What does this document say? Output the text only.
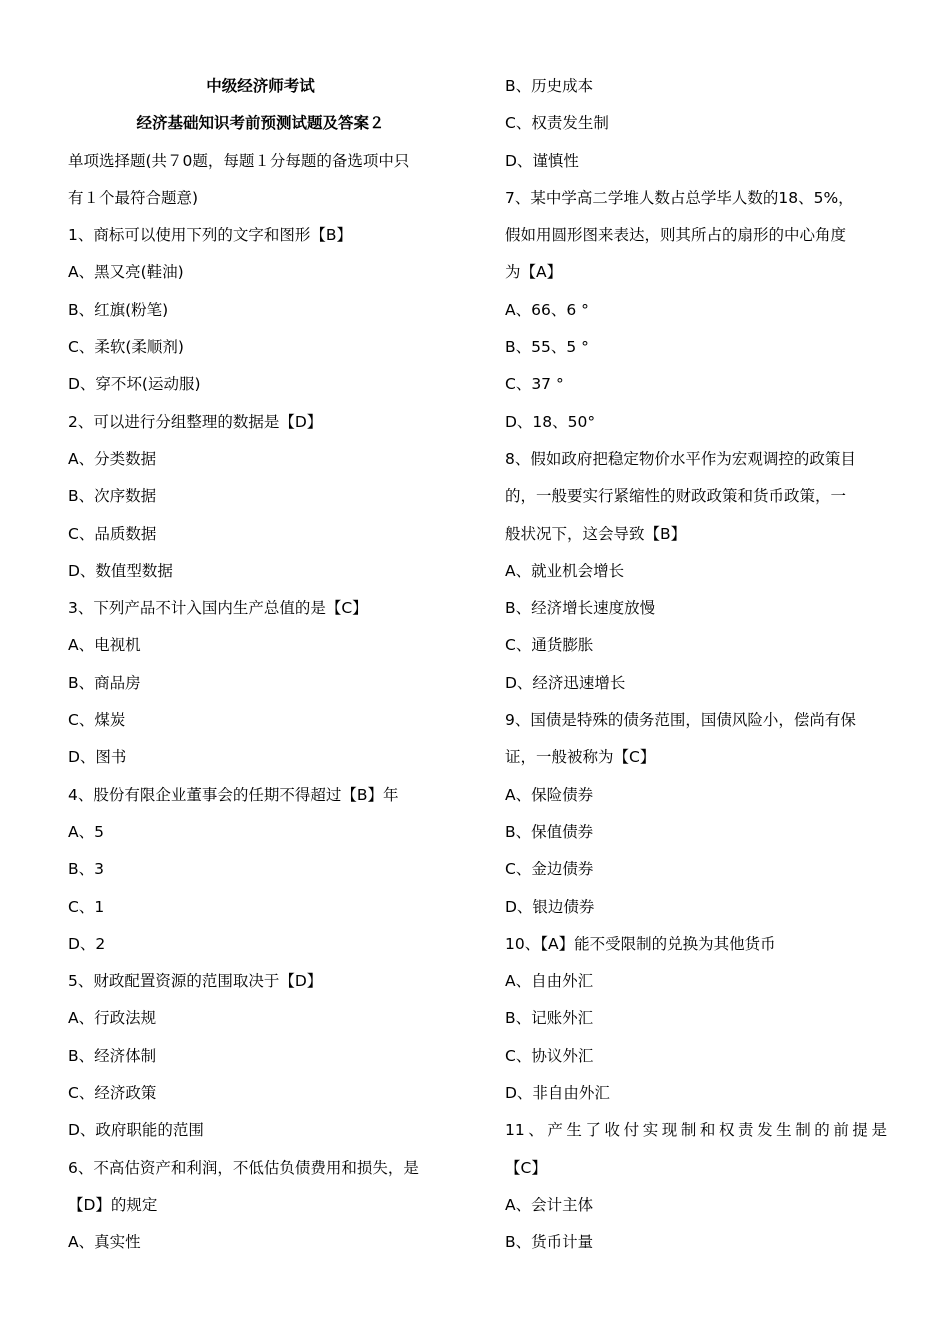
中级经济师考试
经济基础知识考前预测试题及答案２
单项选择题(共７0题，每题１分每题的备选项中只
有１个最符合题意)
1、商标可以使用下列的文字和图形【B】
A、黑又亮(鞋油)
B、红旗(粉笔)
C、柔软(柔顺剂)
D、穿不坏(运动服)
2、可以进行分组整理的数据是【D】
A、分类数据
B、次序数据
C、品质数据
D、数值型数据
3、下列产品不计入国内生产总值的是【C】
A、电视机
B、商品房
C、煤炭
D、图书
4、股份有限企业董事会的任期不得超过【B】年
A、5
B、3
C、1
D、2
5、财政配置资源的范围取决于【D】
A、行政法规
B、经济体制
C、经济政策
D、政府职能的范围
6、不高估资产和利润，不低估负债费用和损失，是
【D】的规定
A、真实性
B、历史成本
C、权责发生制
D、谨慎性
7、某中学高二学堆人数占总学毕人数的18、5%，
假如用圆形图来表达，则其所占的扇形的中心角度
为【A】
A、66、6 °
B、55、5 °
C、37 °
D、18、50°
8、假如政府把稳定物价水平作为宏观调控的政策目
的，一般要实行紧缩性的财政政策和货币政策，一
般状况下，这会导致【B】
A、就业机会增长
B、经济增长速度放慢
C、通货膨胀
D、经济迅速增长
9、国债是特殊的债务范围，国债风险小，偿尚有保
证，一般被称为【C】
A、保险债券
B、保值债券
C、金边债券
D、银边债券
10、【A】能不受限制的兑换为其他货币
A、自由外汇
B、记账外汇
C、协议外汇
D、非自由外汇
11、产生了收付实现制和权责发生制的前提是
【C】
A、会计主体
B、货币计量
